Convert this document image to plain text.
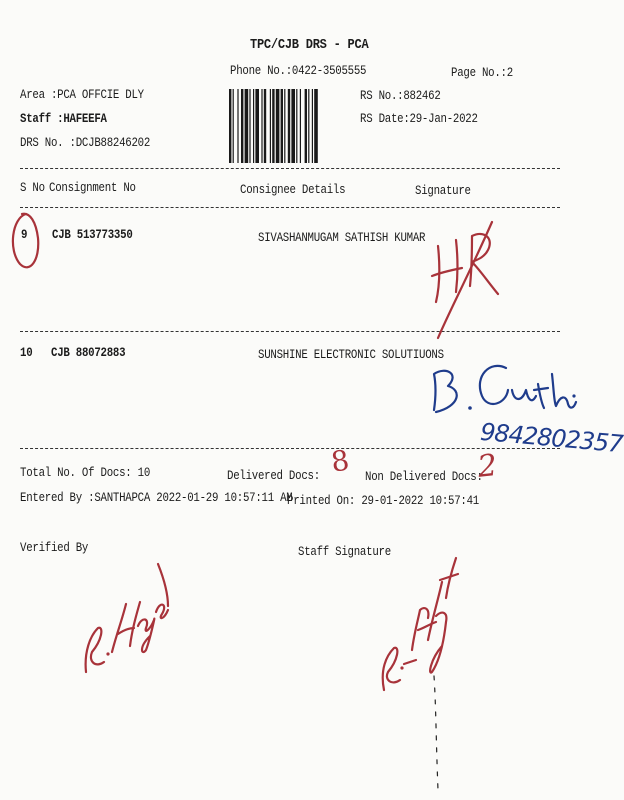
TPC/CJB DRS - PCA
Phone No.:0422-3505555	Page No.:2
Area :PCA OFFCIE DLY
Staff :HAFEEFA
DRS No. :DCJB88246202
RS No.:882462
RS Date:29-Jan-2022
S No Consignment No	Consignee Details	Signature
9 CJB 513773350	SIVASHANMUGAM SATHISH KUMAR
10 CJB 88072883	SUNSHINE ELECTRONIC SOLUTIUONS
Total No. Of Docs: 10	Delivered Docs:	Non Delivered Docs:
Entered By :SANTHAPCA 2022-01-29 10:57:11 AM
Printed On: 29-01-2022 10:57:41
Verified By	Staff Signature
8	2
9842802357
